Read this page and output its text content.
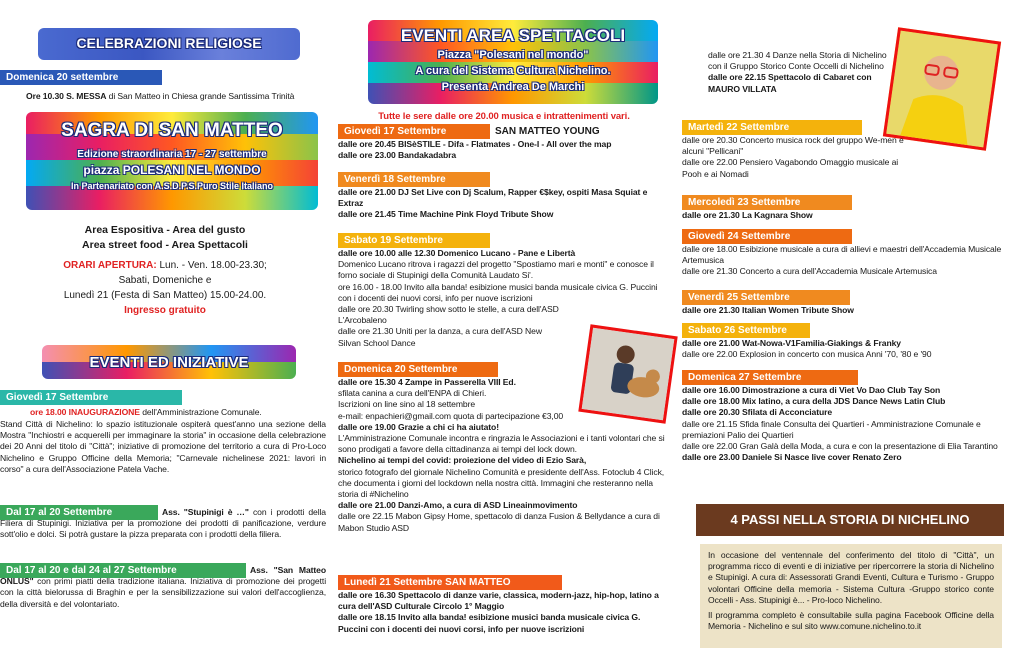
CELEBRAZIONI RELIGIOSE
Domenica 20 settembre

Ore 10.30 S. MESSA di San Matteo in Chiesa grande Santissima Trinità

SAGRA DI SAN MATTEO
Edizione straordinaria 17 - 27 settembre
piazza POLESANI NEL MONDO
In Partenariato con A.S.D.P.S.Puro Stile Italiano
Area Espositiva - Area del gusto
Area street food - Area Spettacoli
ORARI APERTURA: Lun. - Ven. 18.00-23.30;
Sabati, Domeniche e
Lunedì 21 (Festa di San Matteo) 15.00-24.00.
Ingresso gratuito
EVENTI ED INIZIATIVE
Giovedì 17 Settembre

ore 18.00 INAUGURAZIONE dell'Amministrazione Comunale.

Stand Città di Nichelino: lo spazio istituzionale ospiterà quest'anno una sezione della Mostra "Inchiostri e acquerelli per immaginare la storia" in occasione della celebrazione dei 20 Anni del titolo di "Città"; iniziative di promozione del territorio a cura di Pro-Loco Nichelino e Gruppo Officine della Memoria; "Carnevale nichelinese 2021: lavori in corso" a cura dell'Associazione Patela Vache.

Dal 17 al 20 Settembre	Ass. "Stupinigi è …" con i prodotti della Filiera di Stupinigi. Iniziativa per la promozione dei prodotti di panificazione, verdure sott'olio e dolci. Si potrà gustare la pizza preparata con i prodotti della filiera.

Dal 17 al 20 e dal 24 al 27 Settembre	Ass. "San Matteo ONLUS" con primi piatti della tradizione italiana. Iniziativa di promozione dei progetti con la città bielorussa di Braghin e per la sensibilizzazione sui valori dell'accoglienza, della diversità e del volontariato.

EVENTI AREA SPETTACOLI
Piazza "Polesani nel mondo"
A cura del Sistema Cultura Nichelino.
Presenta Andrea De Marchi

Tutte le sere dalle ore 20.00 musica e intrattenimenti vari.

Giovedì 17 Settembre	SAN MATTEO YOUNG

dalle ore 20.45 BISèSTILE - Difa - Flatmates - One-I - All over the map

dalle ore 23.00 Bandakadabra

Venerdì 18 Settembre

dalle ore 21.00 DJ Set Live con Dj Scalum, Rapper €$key, ospiti Masa Squiat e Extraz

dalle ore 21.45 Time Machine Pink Floyd Tribute Show

Sabato 19 Settembre

dalle ore 10.00 alle 12.30 Domenico Lucano - Pane e Libertà

Domenico Lucano ritrova i ragazzi del progetto "Spostiamo mari e monti" e conosce il forno sociale di Stupinigi della Comunità Laudato Si'.

ore 16.00 - 18.00 Invito alla banda! esibizione musici banda musicale civica G. Puccini con i docenti dei nuovi corsi, info per nuove iscrizioni

dalle ore 20.30 Twirling show sotto le stelle, a cura dell'ASD L'Arcobaleno

dalle ore 21.30 Uniti per la danza, a cura dell'ASD New Silvan School Dance

Domenica 20 Settembre

dalle ore 15.30 4 Zampe in Passerella VIII Ed.

sfilata canina a cura dell'ENPA di Chieri.

Iscrizioni on line sino al 18 settembre

e-mail: enpachieri@gmail.com quota di partecipazione €3,00

dalle ore 19.00 Grazie a chi ci ha aiutato!

L'Amministrazione Comunale incontra e ringrazia le Associazioni e i tanti volontari che si sono prodigati a favore della cittadinanza ai tempi del lock down.

Nichelino ai tempi del covid: proiezione del video di Ezio Sarà,

storico fotografo del giornale Nichelino Comunità e presidente dell'Ass. Fotoclub 4 Click, che documenta i giorni del lockdown nella nostra città. Immagini che resteranno nella storia di #Nichelino

dalle ore 21.00 Danzi-Amo, a cura di ASD Lineainmovimento

dalle ore 22.15 Mabon Gipsy Home, spettacolo di danza Fusion & Bellydance a cura di Mabon Studio ASD

Lunedì 21 Settembre SAN MATTEO

dalle ore 16.30 Spettacolo di danze varie, classica, modern-jazz, hip-hop, latino a cura dell'ASD Culturale Circolo 1° Maggio

dalle ore 18.15 Invito alla banda! esibizione musici banda musicale civica G. Puccini con i docenti dei nuovi corsi, info per nuove iscrizioni

dalle ore 21.30 4 Danze nella Storia di Nichelino con il Gruppo Storico Conte Occelli di Nichelino

dalle ore 22.15 Spettacolo di Cabaret con MAURO VILLATA

Martedì 22 Settembre

dalle ore 20.30 Concerto musica rock del gruppo We-men e alcuni "Pellicani"

dalle ore 22.00 Pensiero Vagabondo Omaggio musicale ai Pooh e ai Nomadi

Mercoledì 23 Settembre

dalle ore 21.30 La Kagnara Show

Giovedì 24 Settembre

dalle ore 18.00 Esibizione musicale a cura di allievi e maestri dell'Accademia Musicale Artemusica

dalle ore 21.30 Concerto a cura dell'Accademia Musicale Artemusica

Venerdì 25 Settembre

dalle ore 21.30 Italian Women Tribute Show

Sabato 26 Settembre

dalle ore 21.00 Wat-Nowa-V1Familia-Giakings & Franky

dalle ore 22.00 Explosion in concerto con musica Anni '70, '80 e '90

Domenica 27 Settembre

dalle ore 16.00 Dimostrazione a cura di Viet Vo Dao Club Tay Son

dalle ore 18.00 Mix latino, a cura della JDS Dance News Latin Club

dalle ore 20.30 Sfilata di Acconciature

dalle ore 21.15 Sfida finale Consulta dei Quartieri - Amministrazione Comunale e premiazioni Palio dei Quartieri

dalle ore 22.00 Gran Galà della Moda, a cura e con la presentazione di Elia Tarantino

dalle ore 23.00 Daniele Si Nasce live cover Renato Zero

4 PASSI NELLA STORIA DI NICHELINO

In occasione del ventennale del conferimento del titolo di "Città", un programma ricco di eventi e di iniziative per ripercorrere la storia di Nichelino e Stupinigi. A cura di: Assessorati Grandi Eventi, Cultura e Turismo - Gruppo volontari Officine della memoria - Sistema Cultura -Gruppo storico conte Occelli - Ass. Stupinigi è... - Pro-loco Nichelino.

Il programma completo è consultabile sulla pagina Facebook Officine della Memoria - Nichelino e sul sito www.comune.nichelino.to.it
